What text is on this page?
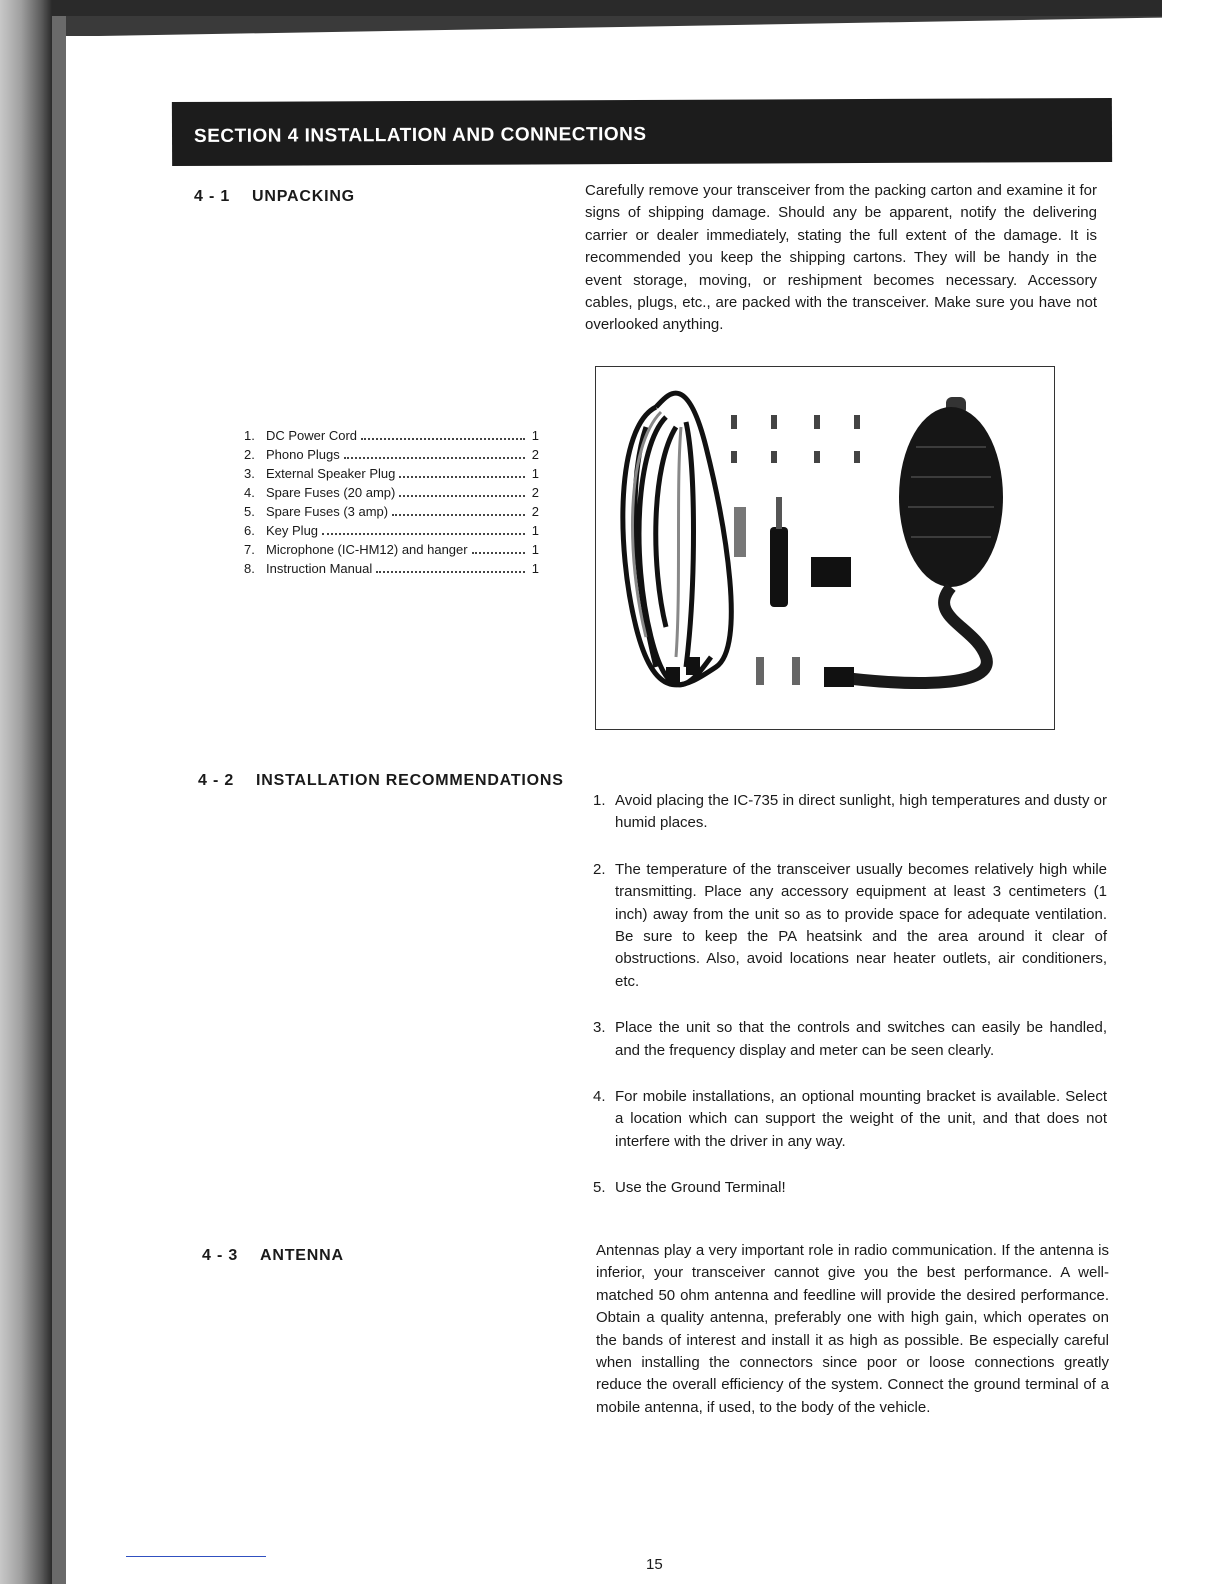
SECTION 4 INSTALLATION AND CONNECTIONS
4 - 1 UNPACKING	Carefully remove your transceiver from the packing carton and examine it for signs of shipping damage. Should any be apparent, notify the delivering carrier or dealer immediately, stating the full extent of the damage. It is recommended you keep the shipping cartons. They will be handy in the event storage, moving, or reshipment becomes necessary. Accessory cables, plugs, etc., are packed with the transceiver. Make sure you have not overlooked anything.
1. DC Power Cord	1
2. Phono Plugs	2
3. External Speaker Plug	1
4. Spare Fuses (20 amp)	2
5. Spare Fuses (3 amp)	2
6. Key Plug	1
7. Microphone (IC-HM12) and hanger	1
8. Instruction Manual	1
4 - 2 INSTALLATION RECOMMENDATIONS
1. Avoid placing the IC-735 in direct sunlight, high temperatures and dusty or humid places.
2. The temperature of the transceiver usually becomes relatively high while transmitting. Place any accessory equipment at least 3 centimeters (1 inch) away from the unit so as to provide space for adequate ventilation. Be sure to keep the PA heatsink and the area around it clear of obstructions. Also, avoid locations near heater outlets, air conditioners, etc.
3. Place the unit so that the controls and switches can easily be handled, and the frequency display and meter can be seen clearly.
4. For mobile installations, an optional mounting bracket is available. Select a location which can support the weight of the unit, and that does not interfere with the driver in any way.
5. Use the Ground Terminal!
4 - 3 ANTENNA	Antennas play a very important role in radio communication. If the antenna is inferior, your transceiver cannot give you the best performance. A well-matched 50 ohm antenna and feedline will provide the desired performance. Obtain a quality antenna, preferably one with high gain, which operates on the bands of interest and install it as high as possible. Be especially careful when installing the connectors since poor or loose connections greatly reduce the overall efficiency of the system. Connect the ground terminal of a mobile antenna, if used, to the body of the vehicle.
15
